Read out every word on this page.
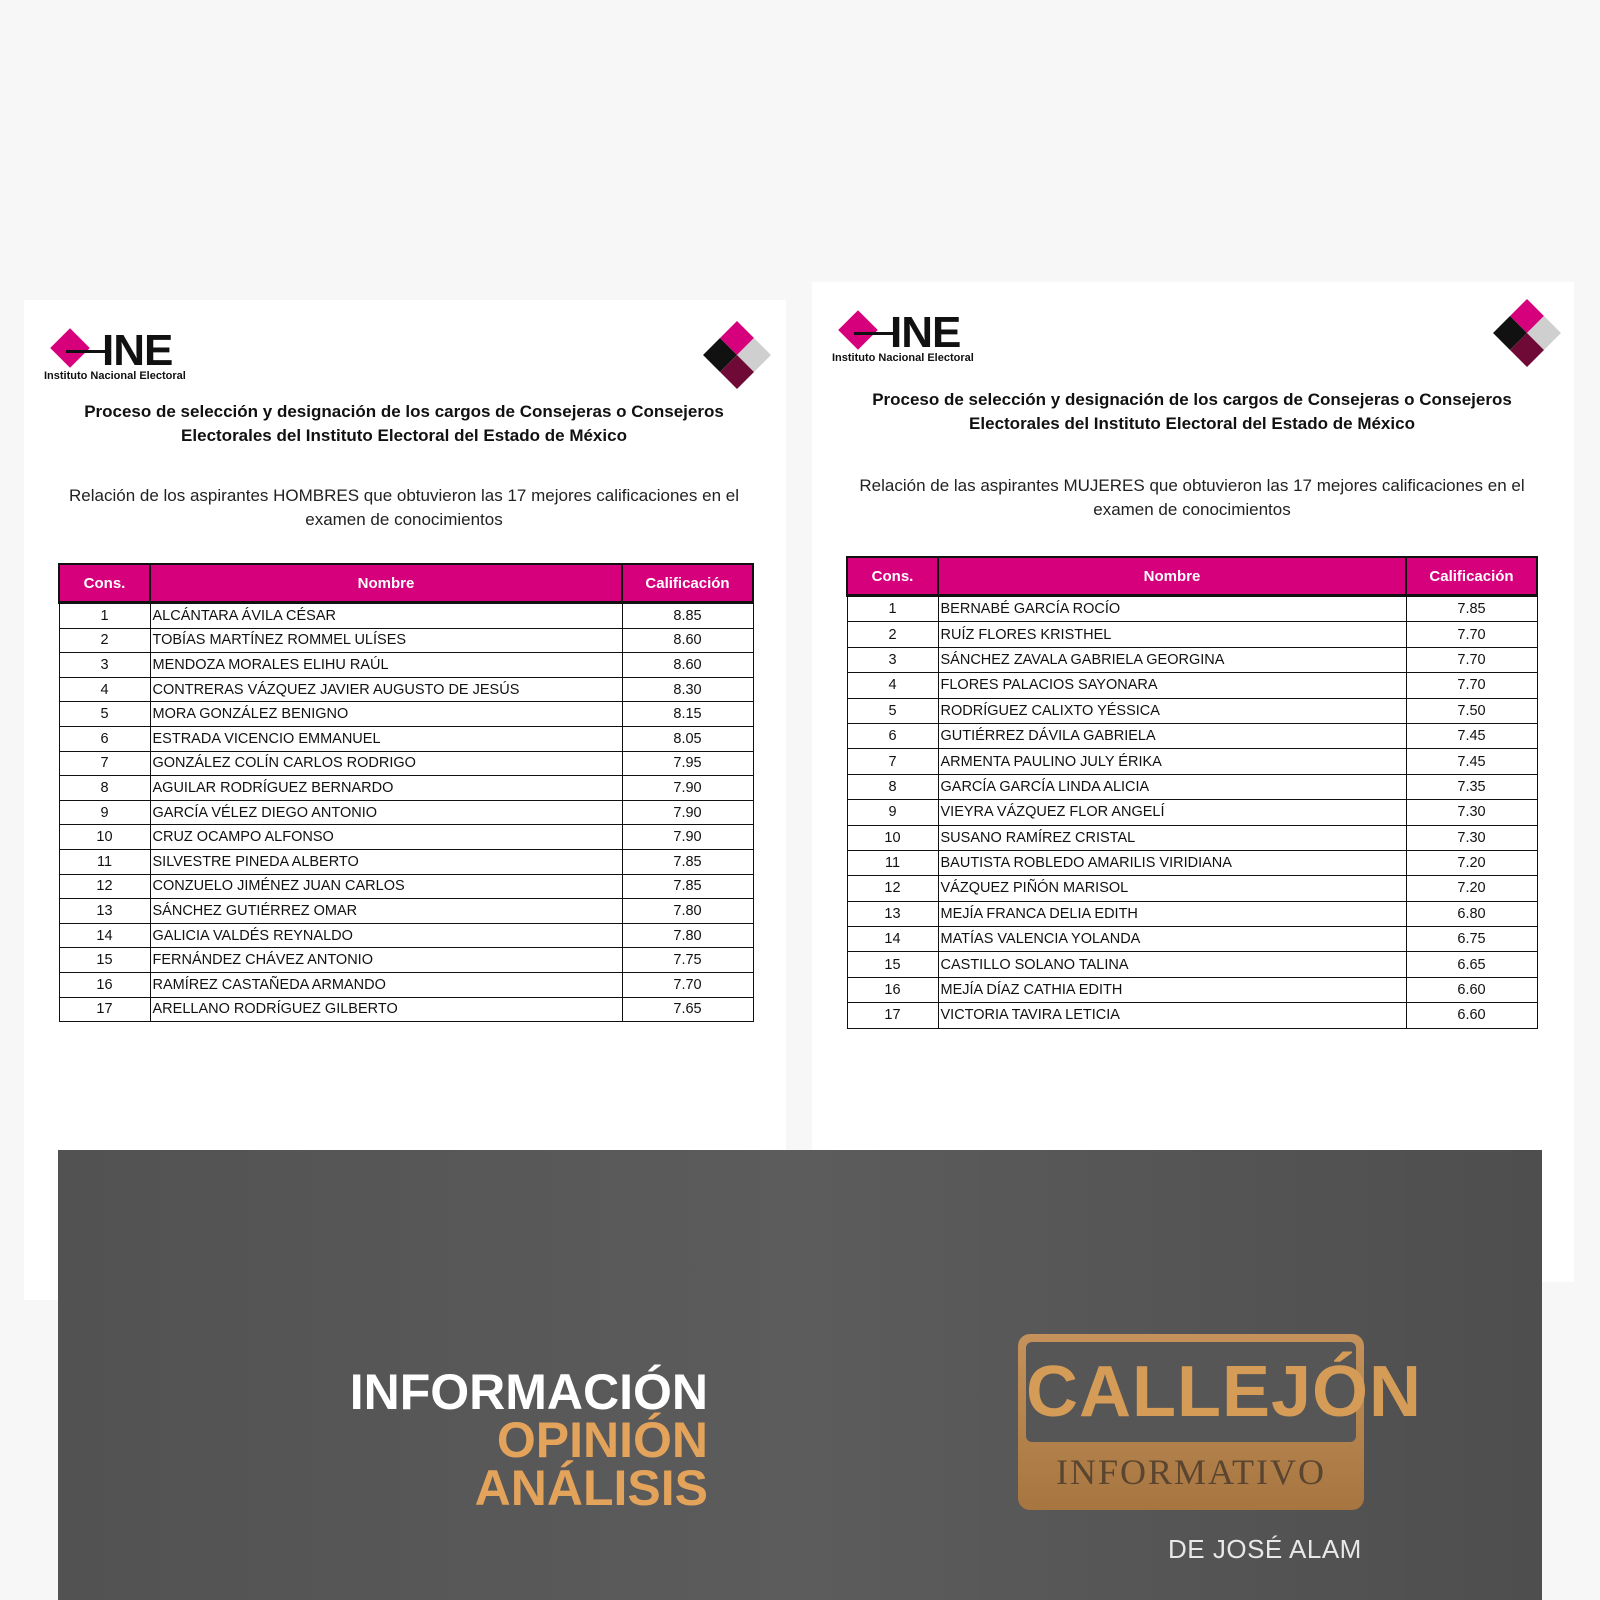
INE
Instituto Nacional Electoral
Proceso de selección y designación de los cargos de Consejeras o Consejeros
Electorales del Instituto Electoral del Estado de México
Relación de los aspirantes HOMBRES que obtuvieron las 17 mejores calificaciones en el
examen de conocimientos
Cons.	Nombre	Calificación
1	ALCÁNTARA ÁVILA CÉSAR	8.85
2	TOBÍAS MARTÍNEZ ROMMEL ULÍSES	8.60
3	MENDOZA MORALES ELIHU RAÚL	8.60
4	CONTRERAS VÁZQUEZ JAVIER AUGUSTO DE JESÚS	8.30
5	MORA GONZÁLEZ BENIGNO	8.15
6	ESTRADA VICENCIO EMMANUEL	8.05
7	GONZÁLEZ COLÍN CARLOS RODRIGO	7.95
8	AGUILAR RODRÍGUEZ BERNARDO	7.90
9	GARCÍA VÉLEZ DIEGO ANTONIO	7.90
10	CRUZ OCAMPO ALFONSO	7.90
11	SILVESTRE PINEDA ALBERTO	7.85
12	CONZUELO JIMÉNEZ JUAN CARLOS	7.85
13	SÁNCHEZ GUTIÉRREZ OMAR	7.80
14	GALICIA VALDÉS REYNALDO	7.80
15	FERNÁNDEZ CHÁVEZ ANTONIO	7.75
16	RAMÍREZ CASTAÑEDA ARMANDO	7.70
17	ARELLANO RODRÍGUEZ GILBERTO	7.65
INE
Instituto Nacional Electoral
Proceso de selección y designación de los cargos de Consejeras o Consejeros
Electorales del Instituto Electoral del Estado de México
Relación de las aspirantes MUJERES que obtuvieron las 17 mejores calificaciones en el
examen de conocimientos
Cons.	Nombre	Calificación
1	BERNABÉ GARCÍA ROCÍO	7.85
2	RUÍZ FLORES KRISTHEL	7.70
3	SÁNCHEZ ZAVALA GABRIELA GEORGINA	7.70
4	FLORES PALACIOS SAYONARA	7.70
5	RODRÍGUEZ CALIXTO YÉSSICA	7.50
6	GUTIÉRREZ DÁVILA GABRIELA	7.45
7	ARMENTA PAULINO JULY ÉRIKA	7.45
8	GARCÍA GARCÍA LINDA ALICIA	7.35
9	VIEYRA VÁZQUEZ FLOR ANGELÍ	7.30
10	SUSANO RAMÍREZ CRISTAL	7.30
11	BAUTISTA ROBLEDO AMARILIS VIRIDIANA	7.20
12	VÁZQUEZ PIÑÓN MARISOL	7.20
13	MEJÍA FRANCA DELIA EDITH	6.80
14	MATÍAS VALENCIA YOLANDA	6.75
15	CASTILLO SOLANO TALINA	6.65
16	MEJÍA DÍAZ CATHIA EDITH	6.60
17	VICTORIA TAVIRA LETICIA	6.60
INFORMACIÓN
OPINIÓN
ANÁLISIS
CALLEJÓN
INFORMATIVO
DE JOSÉ ALAM
